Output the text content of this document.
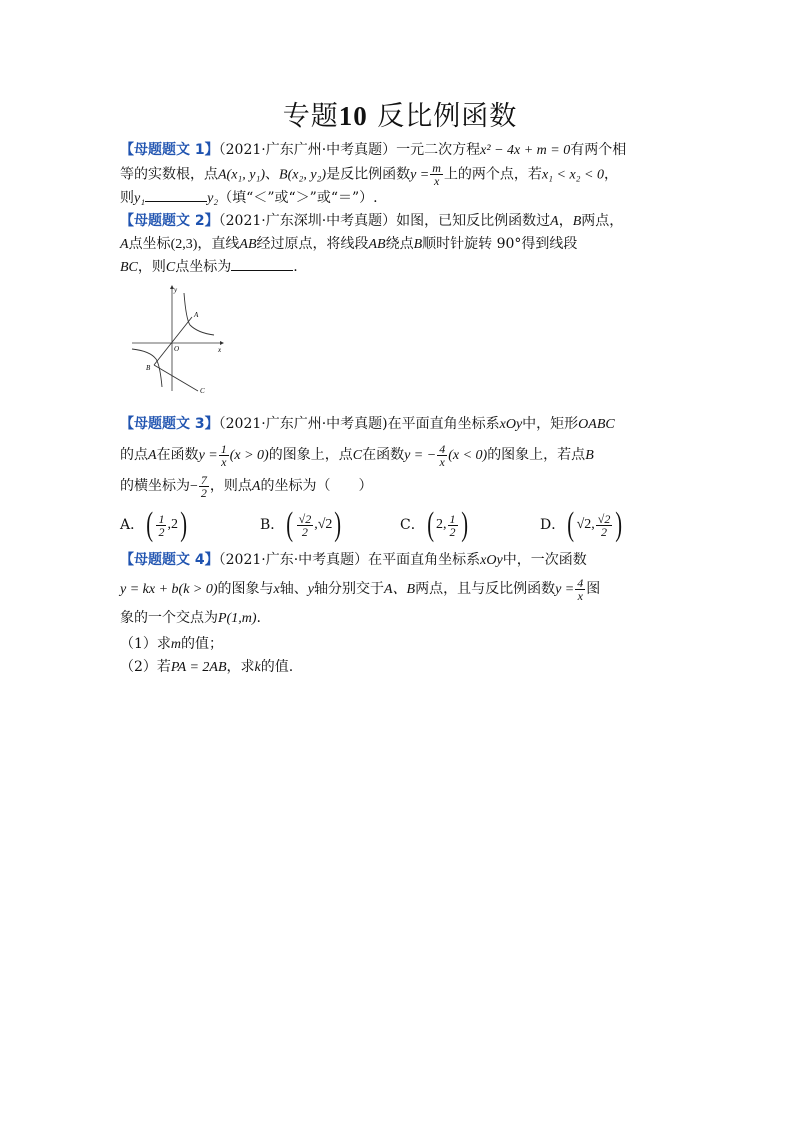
专题10 反比例函数

【母题题文 1】（2021·广东广州·中考真题）一元二次方程x² − 4x + m = 0有两个相

等的实数根，点A(x₁, y₁)、B(x₂, y₂)是反比例函数$y = \frac{m}{x}$ 上的两个点，若x₁ < x₂ < 0，

则y₁	y₂（填“＜”或“＞”或“＝”）.

【母题题文 2】（2021·广东深圳·中考真题）如图，已知反比例函数过A，B两点，

A点坐标(2,3)，直线AB经过原点，将线段AB绕点B顺时针旋转 90°得到线段

BC，则C点坐标为	.

y
x
O
A
B
C

【母题题文 3】（2021·广东广州·中考真题)在平面直角坐标系xOy中，矩形OABC

的点A在函数$y = \frac{1}{x} (x > 0)$的图象上，点C在函数y = − $\frac{4}{x} (x < 0)$的图象上，若点B

的横坐标为− $\frac{7}{2}$ ，则点A的坐标为（　　）

A． ( $\frac{1}{2}$ , 2 )	B． ( $\frac{√2}{2}$ , √2 )	C． ( 2 , $\frac{1}{2}$ )	D． ( √2 , $\frac{√2}{2}$ )

【母题题文 4】（2021·广东·中考真题）在平面直角坐标系xOy中，一次函数

y = kx + b(k > 0)的图象与x轴、y轴分别交于A、B两点，且与反比例函数$y = \frac{4}{x}$ 图

象的一个交点为P(1,m).

（1）求m的值；

（2）若PA = 2AB，求k的值.
